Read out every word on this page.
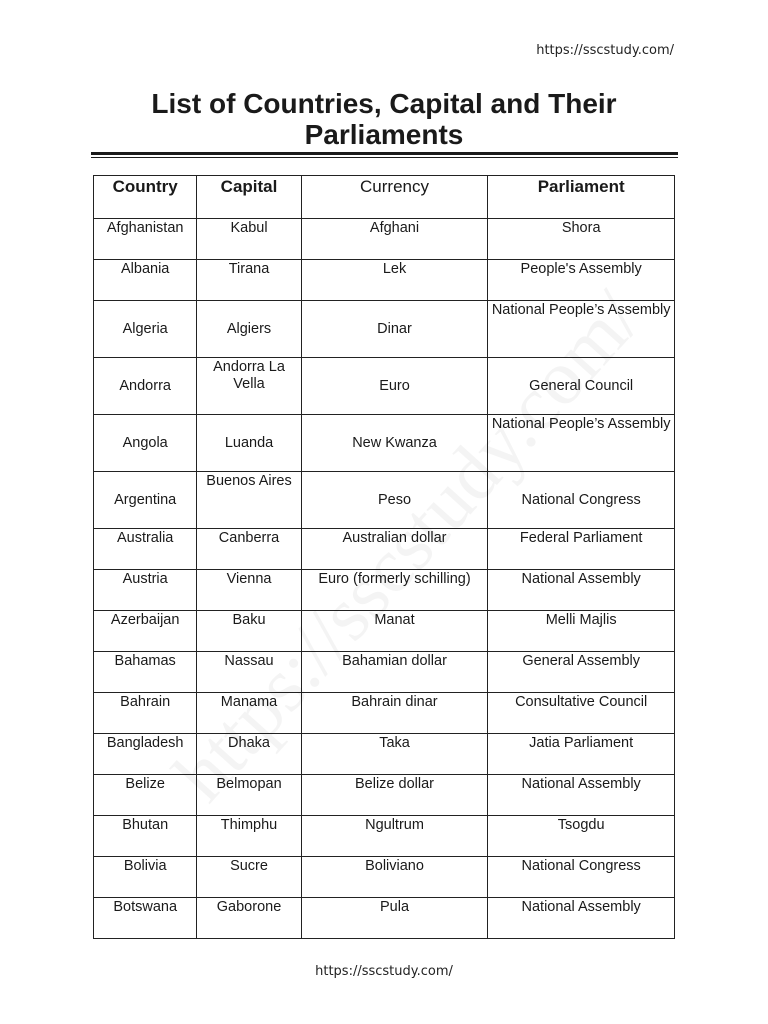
https://sscstudy.com/
List of Countries, Capital and Their
Parliaments
Country	Capital	Currency	Parliament
Afghanistan	Kabul	Afghani	Shora
Albania	Tirana	Lek	People's Assembly
Algeria	Algiers	Dinar	National People’s Assembly
Andorra	Andorra La Vella	Euro	General Council
Angola	Luanda	New Kwanza	National People’s Assembly
Argentina	Buenos Aires	Peso	National Congress
Australia	Canberra	Australian dollar	Federal Parliament
Austria	Vienna	Euro (formerly schilling)	National Assembly
Azerbaijan	Baku	Manat	Melli Majlis
Bahamas	Nassau	Bahamian dollar	General Assembly
Bahrain	Manama	Bahrain dinar	Consultative Council
Bangladesh	Dhaka	Taka	Jatia Parliament
Belize	Belmopan	Belize dollar	National Assembly
Bhutan	Thimphu	Ngultrum	Tsogdu
Bolivia	Sucre	Boliviano	National Congress
Botswana	Gaborone	Pula	National Assembly
https://sscstudy.com/
